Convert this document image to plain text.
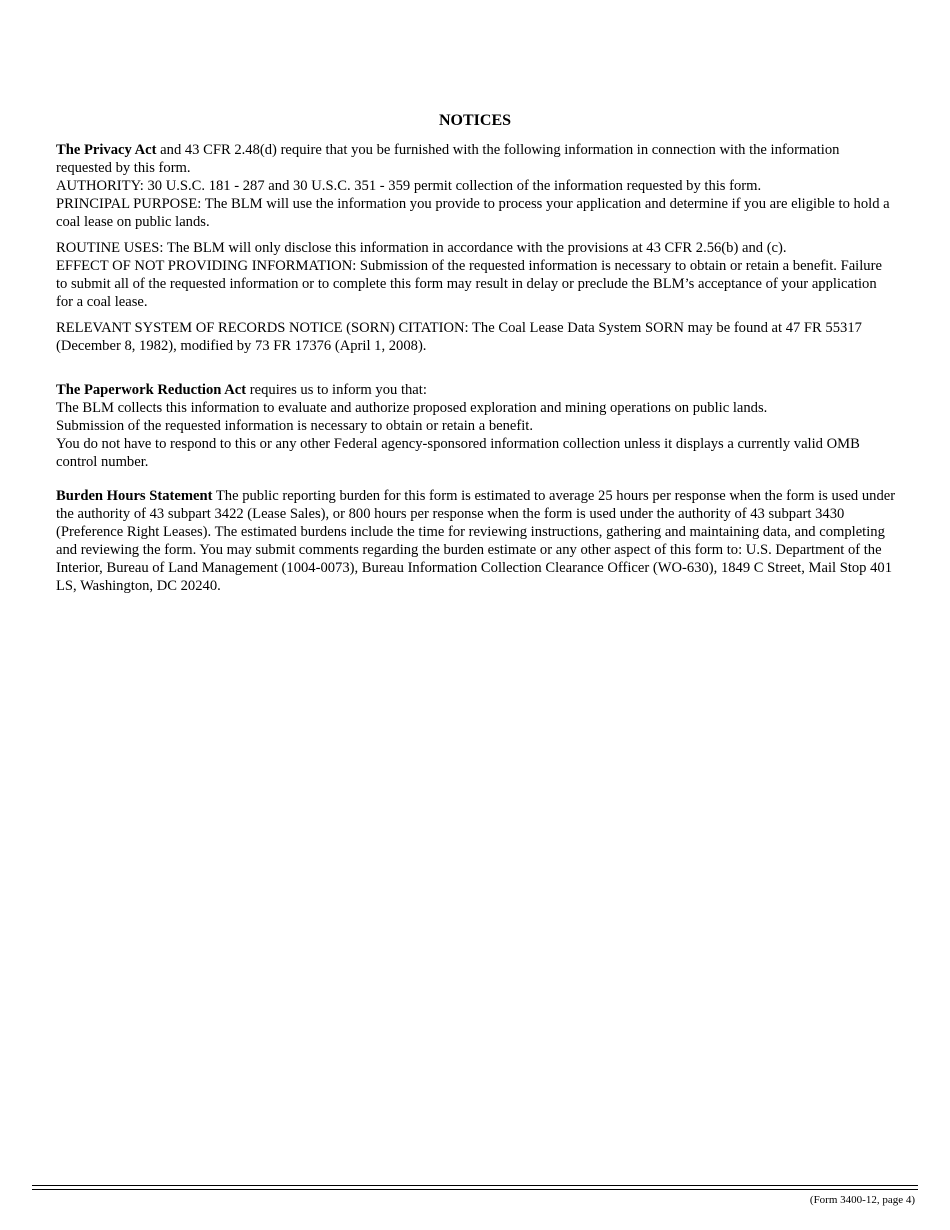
NOTICES

The Privacy Act and 43 CFR 2.48(d) require that you be furnished with the following information in connection with the information requested by this form.

AUTHORITY: 30 U.S.C. 181 - 287 and 30 U.S.C. 351 - 359 permit collection of the information requested by this form.

PRINCIPAL PURPOSE: The BLM will use the information you provide to process your application and determine if you are eligible to hold a coal lease on public lands.

ROUTINE USES: The BLM will only disclose this information in accordance with the provisions at 43 CFR 2.56(b) and (c).

EFFECT OF NOT PROVIDING INFORMATION: Submission of the requested information is necessary to obtain or retain a benefit. Failure to submit all of the requested information or to complete this form may result in delay or preclude the BLM’s acceptance of your application for a coal lease.

RELEVANT SYSTEM OF RECORDS NOTICE (SORN) CITATION: The Coal Lease Data System SORN may be found at 47 FR 55317 (December 8, 1982), modified by 73 FR 17376 (April 1, 2008).

The Paperwork Reduction Act requires us to inform you that:

The BLM collects this information to evaluate and authorize proposed exploration and mining operations on public lands.

Submission of the requested information is necessary to obtain or retain a benefit.

You do not have to respond to this or any other Federal agency-sponsored information collection unless it displays a currently valid OMB control number.

Burden Hours Statement The public reporting burden for this form is estimated to average 25 hours per response when the form is used under the authority of 43 subpart 3422 (Lease Sales), or 800 hours per response when the form is used under the authority of 43 subpart 3430 (Preference Right Leases). The estimated burdens include the time for reviewing instructions, gathering and maintaining data, and completing and reviewing the form. You may submit comments regarding the burden estimate or any other aspect of this form to: U.S. Department of the Interior, Bureau of Land Management (1004-0073), Bureau Information Collection Clearance Officer (WO-630), 1849 C Street, Mail Stop 401 LS, Washington, DC 20240.

(Form 3400-12, page 4)
